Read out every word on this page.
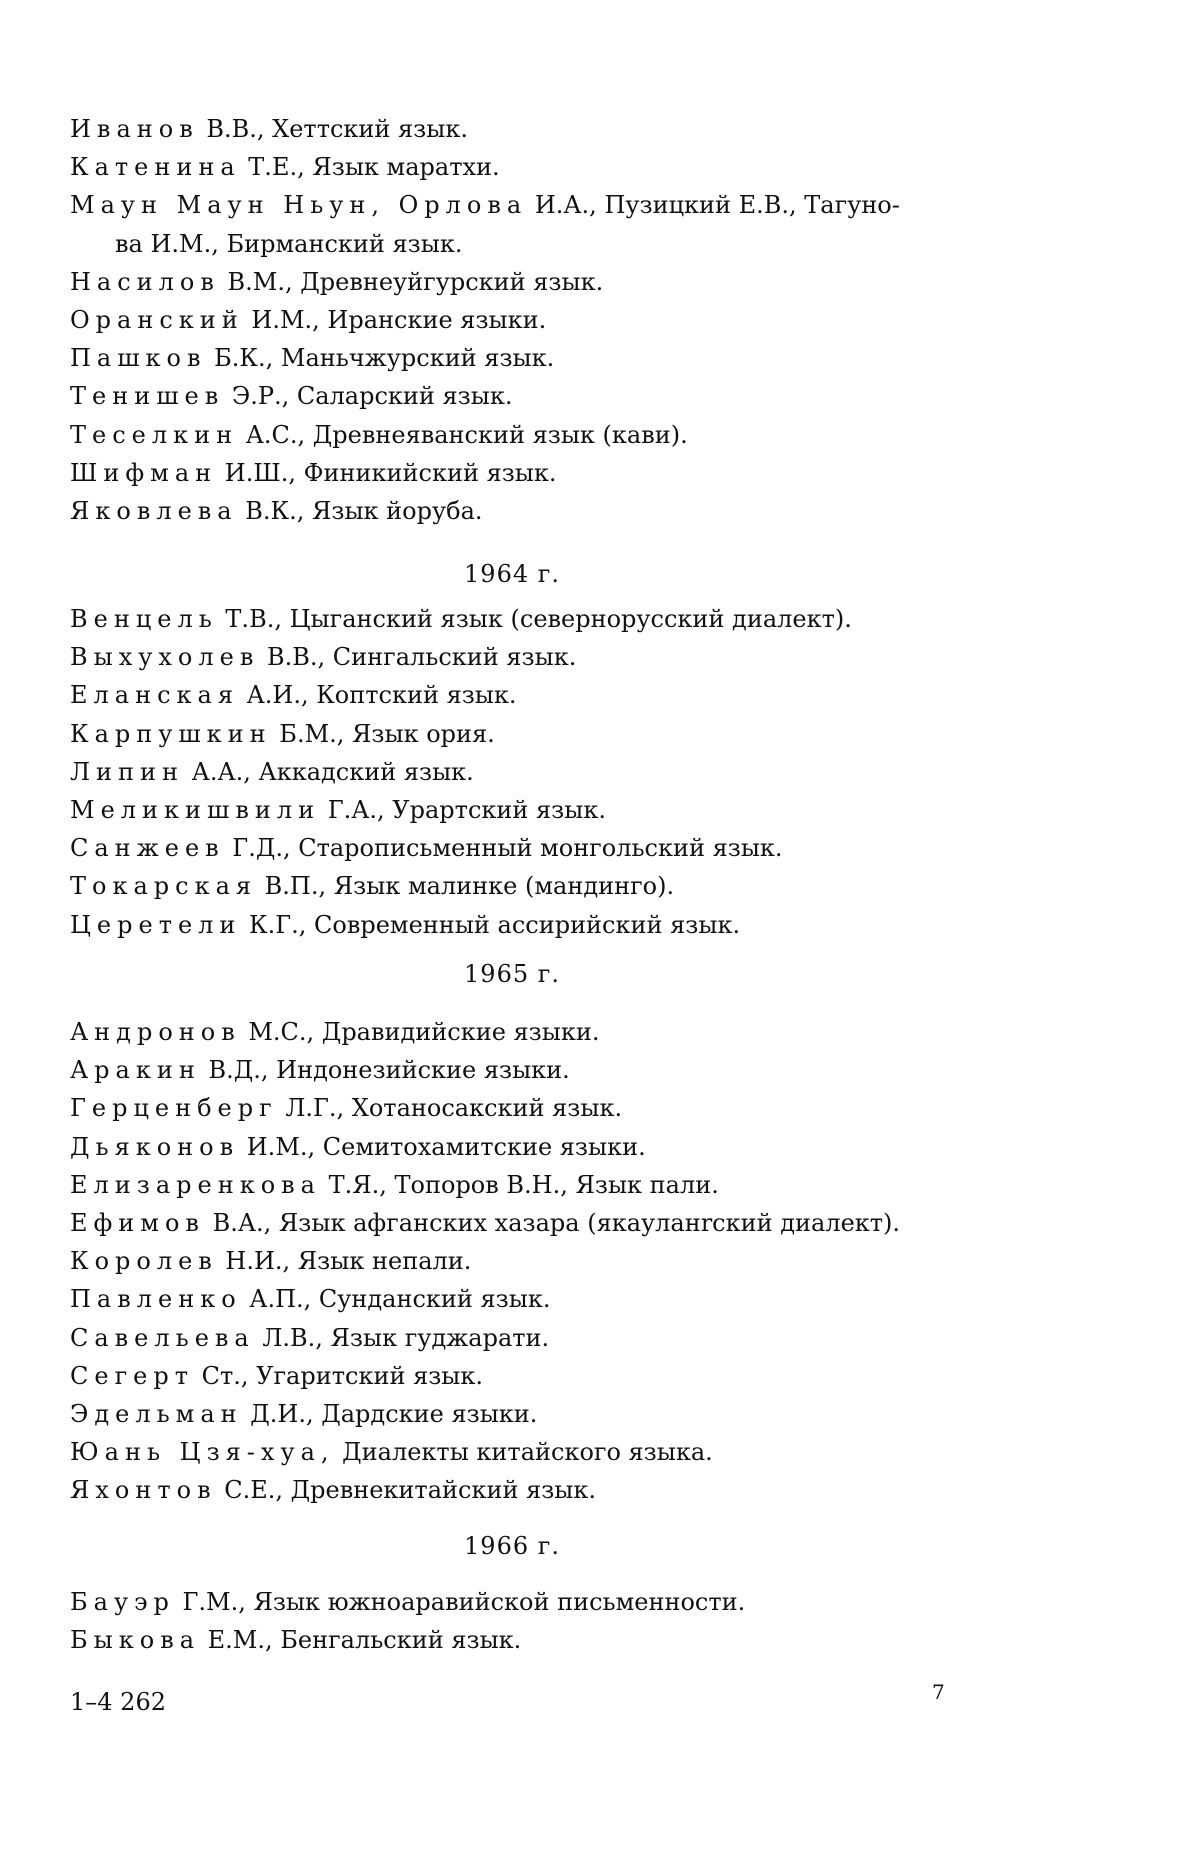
Иванов В.В., Хеттский язык.
Катенина Т.Е., Язык маратхи.
Маун Маун Ньун, Орлова И.А., Пузицкий Е.В., Тагуно-
ва И.М., Бирманский язык.
Насилов В.М., Древнеуйгурский язык.
Оранский И.М., Иранские языки.
Пашков Б.К., Маньчжурский язык.
Тенишев Э.Р., Саларский язык.
Теселкин А.С., Древнеяванский язык (кави).
Шифман И.Ш., Финикийский язык.
Яковлева В.К., Язык йоруба.
1964 г.
Венцель Т.В., Цыганский язык (севернорусский диалект).
Выхухолев В.В., Сингальский язык.
Еланская А.И., Коптский язык.
Карпушкин Б.М., Язык ория.
Липин А.А., Аккадский язык.
Меликишвили Г.А., Урартский язык.
Санжеев Г.Д., Старописьменный монгольский язык.
Токарская В.П., Язык малинке (мандинго).
Церетели К.Г., Современный ассирийский язык.
1965 г.
Андронов М.С., Дравидийские языки.
Аракин В.Д., Индонезийские языки.
Герценберг Л.Г., Хотаносакский язык.
Дьяконов И.М., Семитохамитские языки.
Елизаренкова Т.Я., Топоров В.Н., Язык пали.
Ефимов В.А., Язык афганских хазара (якауланrский диалект).
Королев Н.И., Язык непали.
Павленко А.П., Сунданский язык.
Савельева Л.В., Язык гуджарати.
Сегерт Ст., Угаритский язык.
Эдельман Д.И., Дардские языки.
Юань Цзя-хуа, Диалекты китайского языка.
Яхонтов С.Е., Древнекитайский язык.
1966 г.
Бауэр Г.М., Язык южноаравийской письменности.
Быкова Е.М., Бенгальский язык.
1–4 262	7
